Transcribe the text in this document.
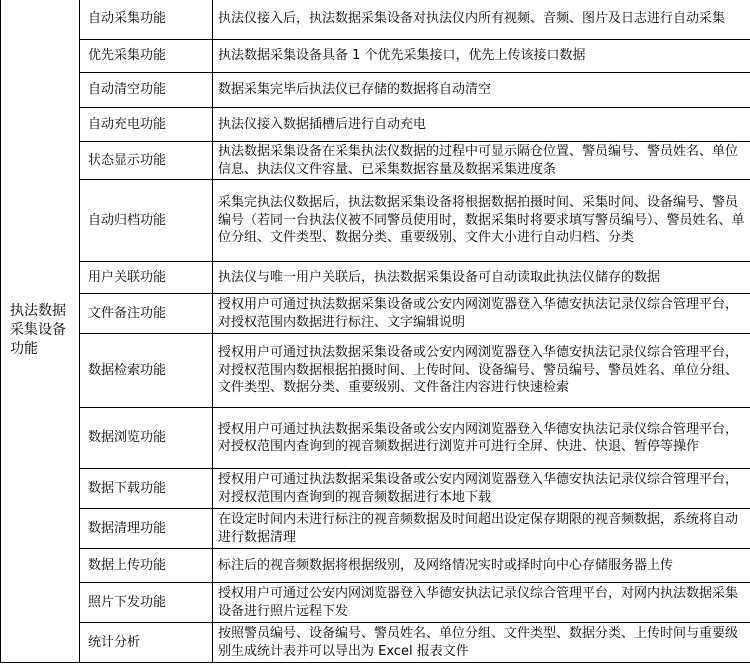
执法数据采集设备功能	自动采集功能	执法仪接入后，执法数据采集设备对执法仪内所有视频、音频、图片及日志进行自动采集
	优先采集功能	执法数据采集设备具备 1 个优先采集接口，优先上传该接口数据
	自动清空功能	数据采集完毕后执法仪已存储的数据将自动清空
	自动充电功能	执法仪接入数据插槽后进行自动充电
	状态显示功能	执法数据采集设备在采集执法仪数据的过程中可显示隔仓位置、警员编号、警员姓名、单位信息、执法仪文件容量、已采集数据容量及数据采集进度条
	自动归档功能	采集完执法仪数据后，执法数据采集设备将根据数据拍摄时间、采集时间、设备编号、警员编号（若同一台执法仪被不同警员使用时，数据采集时将要求填写警员编号）、警员姓名、单位分组、文件类型、数据分类、重要级别、文件大小进行自动归档、分类
	用户关联功能	执法仪与唯一用户关联后，执法数据采集设备可自动读取此执法仪储存的数据
	文件备注功能	授权用户可通过执法数据采集设备或公安内网浏览器登入华德安执法记录仪综合管理平台，对授权范围内数据进行标注、文字编辑说明
	数据检索功能	授权用户可通过执法数据采集设备或公安内网浏览器登入华德安执法记录仪综合管理平台，对授权范围内数据根据拍摄时间、上传时间、设备编号、警员编号、警员姓名、单位分组、文件类型、数据分类、重要级别、文件备注内容进行快速检索
	数据浏览功能	授权用户可通过执法数据采集设备或公安内网浏览器登入华德安执法记录仪综合管理平台，对授权范围内查询到的视音频数据进行浏览并可进行全屏、快进、快退、暂停等操作
	数据下载功能	授权用户可通过执法数据采集设备或公安内网浏览器登入华德安执法记录仪综合管理平台，对授权范围内查询到的视音频数据进行本地下载
	数据清理功能	在设定时间内未进行标注的视音频数据及时间超出设定保存期限的视音频数据，系统将自动进行数据清理
	数据上传功能	标注后的视音频数据将根据级别，及网络情况实时或择时向中心存储服务器上传
	照片下发功能	授权用户可通过公安内网浏览器登入华德安执法记录仪综合管理平台，对网内执法数据采集设备进行照片远程下发
	统计分析	按照警员编号、设备编号、警员姓名、单位分组、文件类型、数据分类、上传时间与重要级别生成统计表并可以导出为 Excel 报表文件
